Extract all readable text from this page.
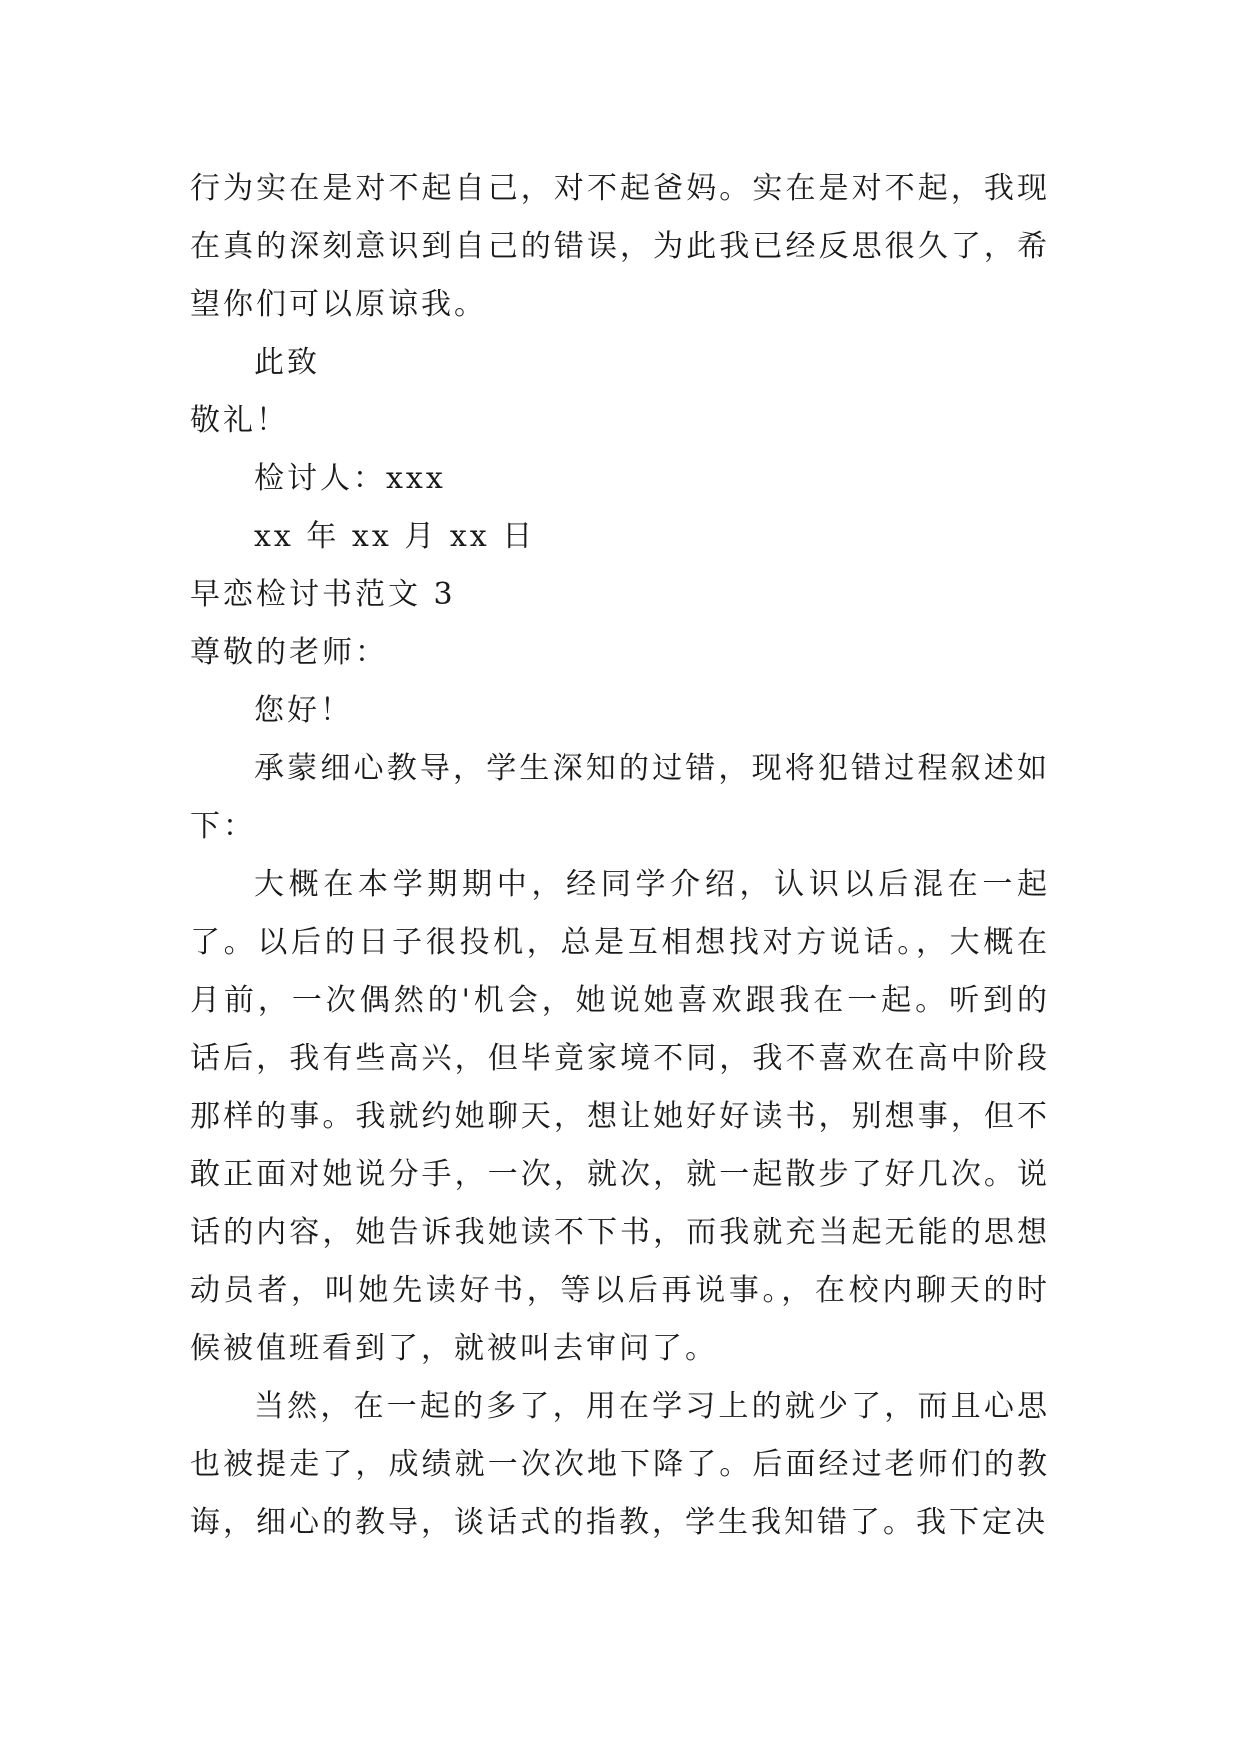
行为实在是对不起自己，对不起爸妈。实在是对不起，我现在真的深刻意识到自己的错误，为此我已经反思很久了，希望你们可以原谅我。

此致

敬礼！

检讨人：xxx

xx 年 xx 月 xx 日

早恋检讨书范文 3

尊敬的老师：

您好！

承蒙细心教导，学生深知的过错，现将犯错过程叙述如下：

大概在本学期期中，经同学介绍，认识以后混在一起了。以后的日子很投机，总是互相想找对方说话。，大概在月前，一次偶然的'机会，她说她喜欢跟我在一起。听到的话后，我有些高兴，但毕竟家境不同，我不喜欢在高中阶段那样的事。我就约她聊天，想让她好好读书，别想事，但不敢正面对她说分手，一次，就次，就一起散步了好几次。说话的内容，她告诉我她读不下书，而我就充当起无能的思想动员者，叫她先读好书，等以后再说事。，在校内聊天的时候被值班看到了，就被叫去审问了。

当然，在一起的多了，用在学习上的就少了，而且心思也被提走了，成绩就一次次地下降了。后面经过老师们的教诲，细心的教导，谈话式的指教，学生我知错了。我下定决
